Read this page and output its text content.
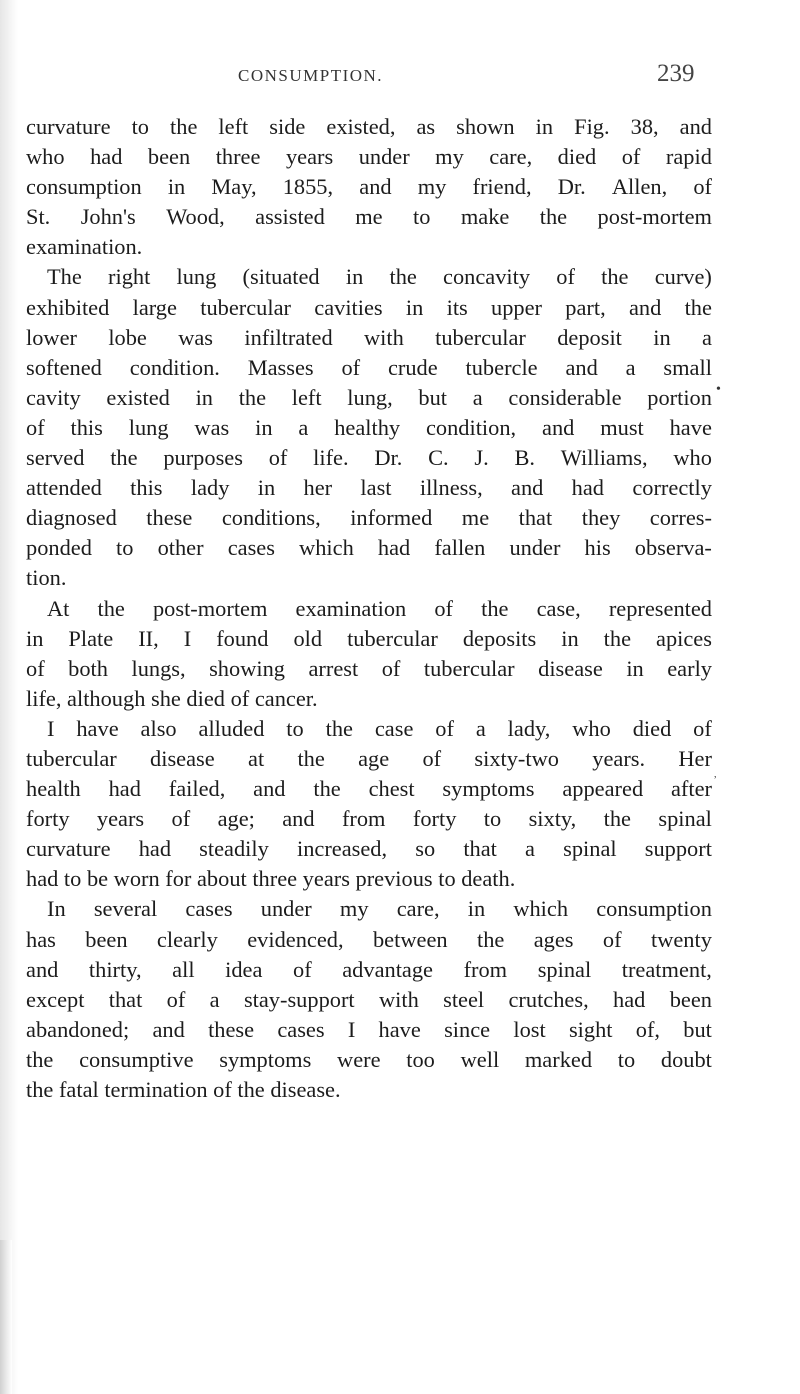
CONSUMPTION.	239
curvature to the left side existed, as shown in Fig. 38, and
who had been three years under my care, died of rapid
consumption in May, 1855, and my friend, Dr. Allen, of
St. John's Wood, assisted me to make the post-mortem
examination.
The right lung (situated in the concavity of the curve)
exhibited large tubercular cavities in its upper part, and the
lower lobe was infiltrated with tubercular deposit in a
softened condition. Masses of crude tubercle and a small
cavity existed in the left lung, but a considerable portion
of this lung was in a healthy condition, and must have
served the purposes of life. Dr. C. J. B. Williams, who
attended this lady in her last illness, and had correctly
diagnosed these conditions, informed me that they corres-
ponded to other cases which had fallen under his observa-
tion.
At the post-mortem examination of the case, represented
in Plate II, I found old tubercular deposits in the apices
of both lungs, showing arrest of tubercular disease in early
life, although she died of cancer.
I have also alluded to the case of a lady, who died of
tubercular disease at the age of sixty-two years. Her
health had failed, and the chest symptoms appeared after
forty years of age; and from forty to sixty, the spinal
curvature had steadily increased, so that a spinal support
had to be worn for about three years previous to death.
In several cases under my care, in which consumption
has been clearly evidenced, between the ages of twenty
and thirty, all idea of advantage from spinal treatment,
except that of a stay-support with steel crutches, had been
abandoned; and these cases I have since lost sight of, but
the consumptive symptoms were too well marked to doubt
the fatal termination of the disease.
•
,
